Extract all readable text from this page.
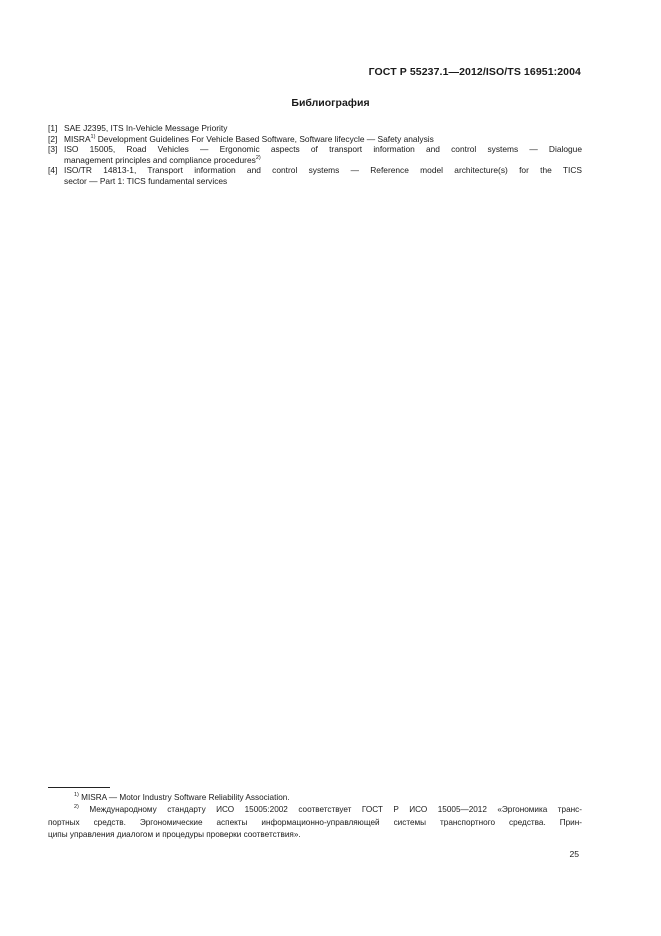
ГОСТ Р 55237.1—2012/ISO/TS 16951:2004
Библиография
[1] SAE J2395, ITS In-Vehicle Message Priority
[2] MISRA$^{1)}$ Development Guidelines For Vehicle Based Software, Software lifecycle — Safety analysis
[3] ISO 15005, Road Vehicles — Ergonomic aspects of transport information and control systems — Dialogue
management principles and compliance procedures$^{2)}$
[4] ISO/TR 14813-1, Transport information and control systems — Reference model architecture(s) for the TICS
sector — Part 1: TICS fundamental services

$^{1)}$ MISRA — Motor Industry Software Reliability Association.

$^{2)}$ Международному стандарту ИСО 15005:2002 соответствует ГОСТ Р ИСО 15005—2012 «Эргономика транс-
портных средств. Эргономические аспекты информационно-управляющей системы транспортного средства. Прин-
ципы управления диалогом и процедуры проверки соответствия».

25
